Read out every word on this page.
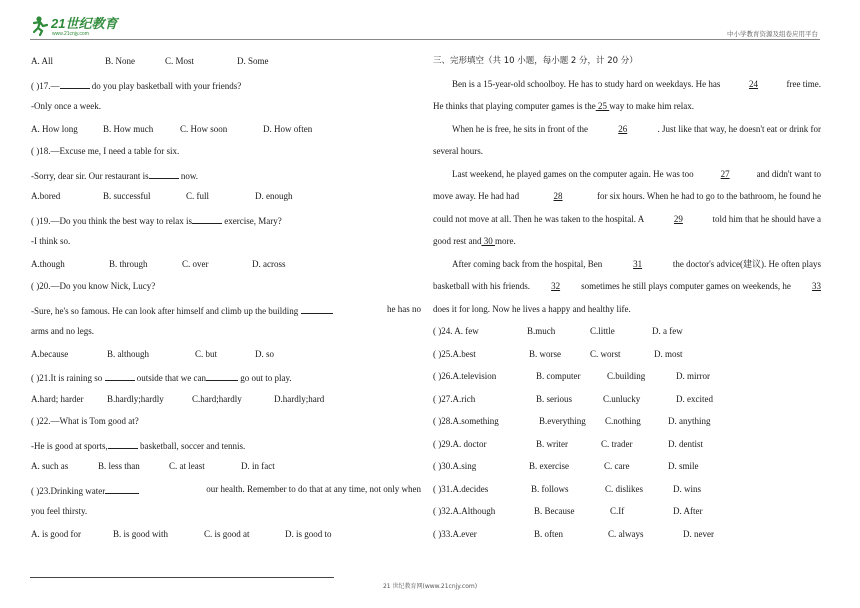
21世纪教育
www.21cnjy.com	中小学教育资源及组卷应用平台
A. All	B. None	C. Most	D. Some
( )17.—	do you play basketball with your friends?
-Only once a week.
A. How long	B. How much	C. How soon	D. How often
( )18.—Excuse me, I need a table for six.
-Sorry, dear sir. Our restaurant is	now.
A.bored	B. successful	C. full	D. enough
( )19.—Do you think the best way to relax is	exercise, Mary?
-I think so.
A.though	B. through	C. over	D. across
( )20.—Do you know Nick, Lucy?
-Sure, he's so famous. He can look after himself and climb up the building	he has no
arms and no legs.
A.because	B. although	C. but	D. so
( )21.It is raining so	outside that we can	go out to play.
A.hard; harder	B.hardly;hardly	C.hard;hardly	D.hardly;hard
( )22.—What is Tom good at?
-He is good at sports,	basketball, soccer and tennis.
A. such as	B. less than	C. at least	D. in fact
( )23.Drinking water	our health. Remember to do that at any time, not only when
you feel thirsty.
A. is good for	B. is good with	C. is good at	D. is good to
三、完形填空（共 10 小题，每小题 2 分，计 20 分）
Ben is a 15-year-old schoolboy. He has to study hard on weekdays. He has	24	free time.
He thinks that playing computer games is the 25 way to make him relax.
When he is free, he sits in front of the	26	. Just like that way, he doesn't eat or drink for
several hours.
Last weekend, he played games on the computer again. He was too	27	and didn't want to
move away. He had had	28	for six hours. When he had to go to the bathroom, he found he
could not move at all. Then he was taken to the hospital. A	29	told him that he should have a
good rest and 30 more.
After coming back from the hospital, Ben	31	the doctor's advice(建议). He often plays
basketball with his friends. 32 sometimes he still plays computer games on weekends, he 33
does it for long. Now he lives a happy and healthy life.
( )24. A. few	B.much	C.little	D. a few
( )25.A.best	B. worse	C. worst	D. most
( )26.A.television	B. computer	C.building	D. mirror
( )27.A.rich	B. serious	C.unlucky	D. excited
( )28.A.something	B.everything C.nothing	D. anything
( )29.A. doctor	B. writer	C. trader	D. dentist
( )30.A.sing	B. exercise	C. care	D. smile
( )31.A.decides	B. follows	C. dislikes	D. wins
( )32.A.Although	B. Because	C.If	D. After
( )33.A.ever	B. often	C. always	D. never
21 世纪教育网(www.21cnjy.com)
